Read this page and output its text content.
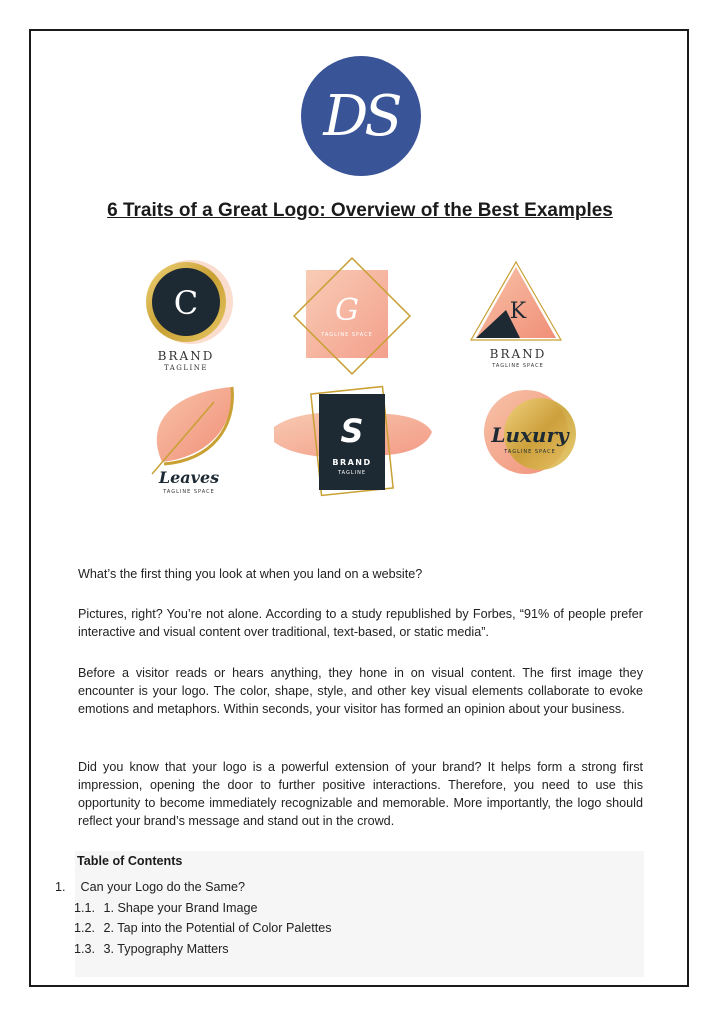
DS
6 Traits of a Great Logo: Overview of the Best Examples
C
BRAND
TAGLINE
G
TAGLINE SPACE
K
BRAND
TAGLINE SPACE
Leaves
TAGLINE SPACE
S
BRAND
TAGLINE
Luxury
TAGLINE SPACE

What’s the first thing you look at when you land on a website?

Pictures, right? You’re not alone. According to a study republished by Forbes, “91% of people prefer interactive and visual content over traditional, text-based, or static media”.

Before a visitor reads or hears anything, they hone in on visual content. The first image they encounter is your logo. The color, shape, style, and other key visual elements collaborate to evoke emotions and metaphors. Within seconds, your visitor has formed an opinion about your business.

Did you know that your logo is a powerful extension of your brand? It helps form a strong first impression, opening the door to further positive interactions. Therefore, you need to use this opportunity to become immediately recognizable and memorable. More importantly, the logo should reflect your brand’s message and stand out in the crowd.

Table of Contents
1. Can your Logo do the Same?
1.1. 1. Shape your Brand Image
1.2. 2. Tap into the Potential of Color Palettes
1.3. 3. Typography Matters
